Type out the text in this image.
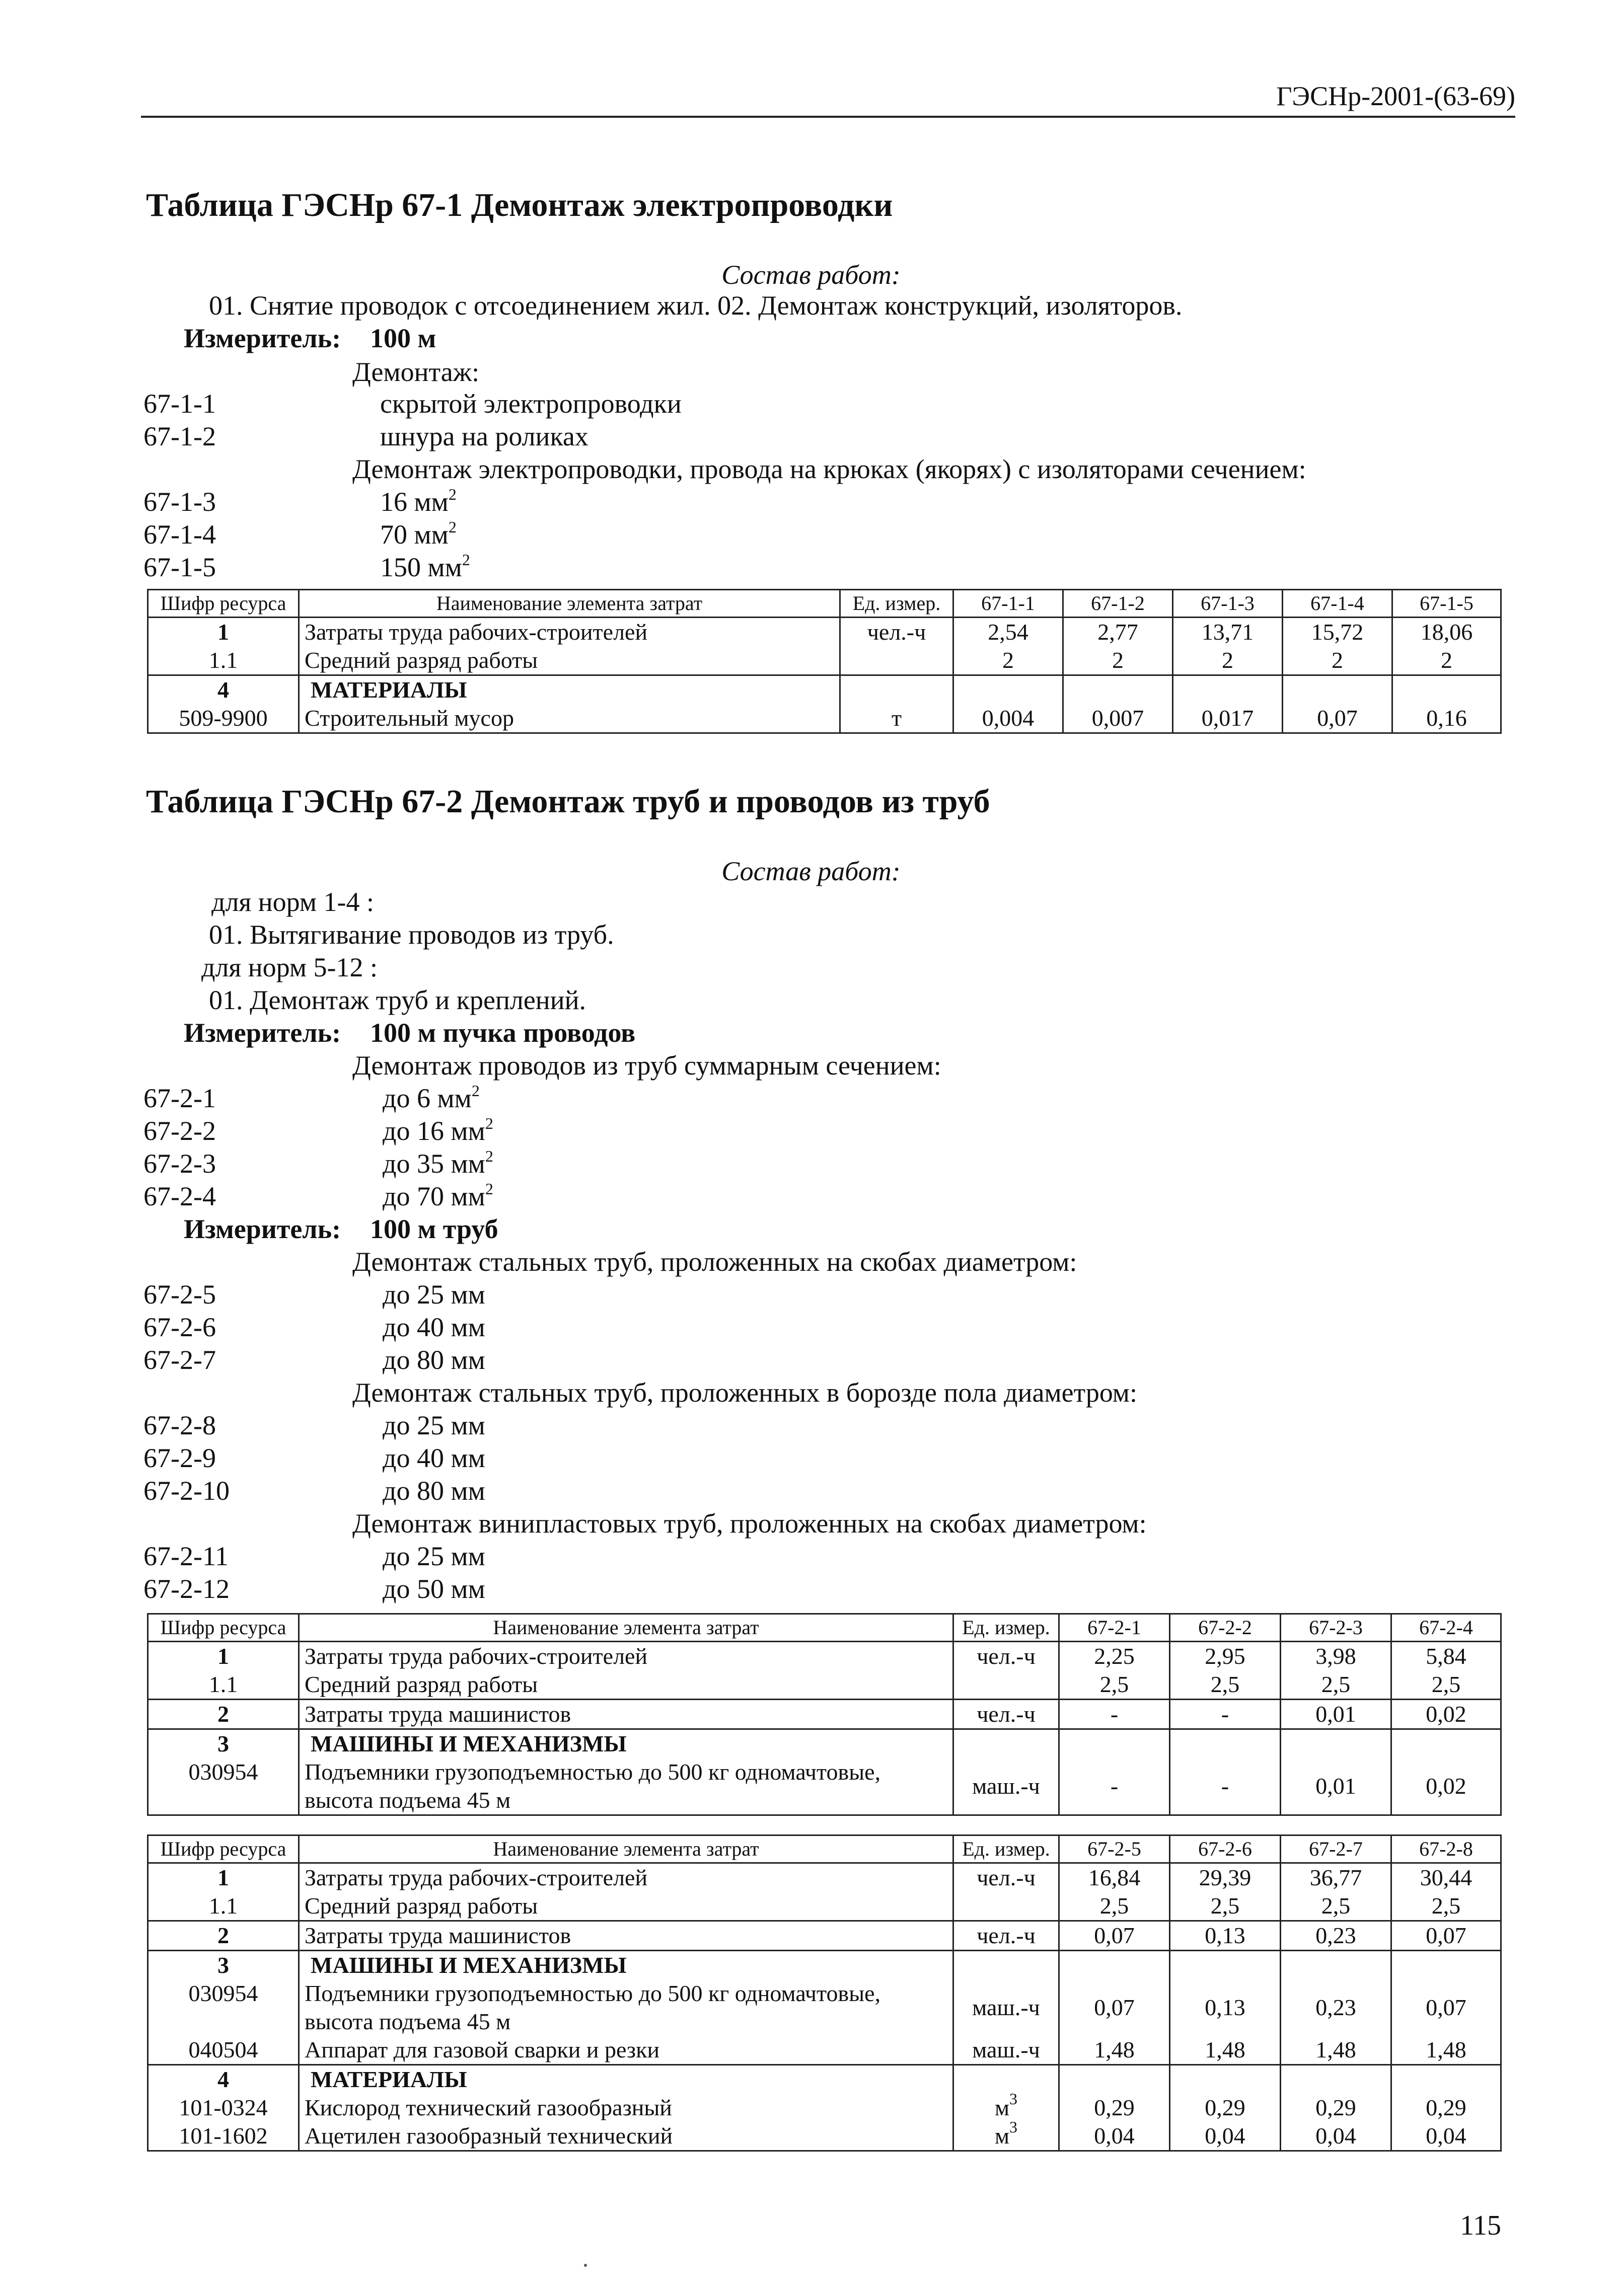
ГЭСНр-2001-(63-69)
Таблица ГЭСНр 67-1 Демонтаж электропроводки
Состав работ:
01. Снятие проводок с отсоединением жил. 02. Демонтаж конструкций, изоляторов.
Измеритель: 100 м
Демонтаж:
67-1-1	скрытой электропроводки
67-1-2	шнура на роликах
Демонтаж электропроводки, провода на крюках (якорях) с изоляторами сечением:
67-1-3	16 $мм^2$
67-1-4	70 $мм^2$
67-1-5	150 $мм^2$
Шифр ресурса	Наименование элемента затрат	Ед. измер.	67-1-1	67-1-2	67-1-3	67-1-4	67-1-5
1	Затраты труда рабочих-строителей	чел.-ч	2,54	2,77	13,71	15,72	18,06
1.1	Средний разряд работы		2	2	2	2	2
4	МАТЕРИАЛЫ						
509-9900	Строительный мусор	т	0,004	0,007	0,017	0,07	0,16
Таблица ГЭСНр 67-2 Демонтаж труб и проводов из труб
Состав работ:
для норм 1-4 :
01. Вытягивание проводов из труб.
для норм 5-12 :
01. Демонтаж труб и креплений.
Измеритель: 100 м пучка проводов
Демонтаж проводов из труб суммарным сечением:
67-2-1	до 6 $мм^2$
67-2-2	до 16 $мм^2$
67-2-3	до 35 $мм^2$
67-2-4	до 70 $мм^2$
Измеритель: 100 м труб
Демонтаж стальных труб, проложенных на скобах диаметром:
67-2-5	до 25 мм
67-2-6	до 40 мм
67-2-7	до 80 мм
Демонтаж стальных труб, проложенных в борозде пола диаметром:
67-2-8	до 25 мм
67-2-9	до 40 мм
67-2-10	до 80 мм
Демонтаж винипластовых труб, проложенных на скобах диаметром:
67-2-11	до 25 мм
67-2-12	до 50 мм
Шифр ресурса	Наименование элемента затрат	Ед. измер.	67-2-1	67-2-2	67-2-3	67-2-4
1	Затраты труда рабочих-строителей	чел.-ч	2,25	2,95	3,98	5,84
1.1	Средний разряд работы		2,5	2,5	2,5	2,5
2	Затраты труда машинистов	чел.-ч	-	-	0,01	0,02
3	МАШИНЫ И МЕХАНИЗМЫ					
030954	Подъемники грузоподъемностью до 500 кг одномачтовые,
высота подъема 45 м	маш.-ч	-	-	0,01	0,02
Шифр ресурса	Наименование элемента затрат	Ед. измер.	67-2-5	67-2-6	67-2-7	67-2-8
1	Затраты труда рабочих-строителей	чел.-ч	16,84	29,39	36,77	30,44
1.1	Средний разряд работы		2,5	2,5	2,5	2,5
2	Затраты труда машинистов	чел.-ч	0,07	0,13	0,23	0,07
3	МАШИНЫ И МЕХАНИЗМЫ					
030954	Подъемники грузоподъемностью до 500 кг одномачтовые,
высота подъема 45 м	маш.-ч	0,07	0,13	0,23	0,07
040504	Аппарат для газовой сварки и резки	маш.-ч	1,48	1,48	1,48	1,48
4	МАТЕРИАЛЫ					
101-0324	Кислород технический газообразный	$м^3$	0,29	0,29	0,29	0,29
101-1602	Ацетилен газообразный технический	$м^3$	0,04	0,04	0,04	0,04
115
